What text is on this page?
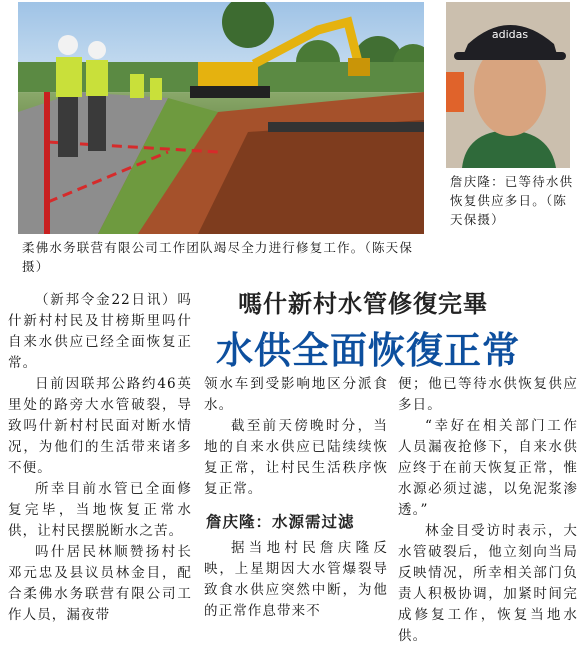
adidas
柔佛水务联营有限公司工作团队竭尽全力进行修复工作。（陈天保摄）
詹庆隆：已等待水供恢复供应多日。（陈天保摄）

（新邦令金22日讯）吗什新村村民及甘榜斯里吗什自来水供应已经全面恢复正常。

日前因联邦公路约46英里处的路旁大水管破裂，导致吗什新村村民面对断水情况，为他们的生活带来诸多不便。

所幸目前水管已全面修复完毕，当地恢复正常水供，让村民摆脱断水之苦。

吗什居民林顺赞扬村长邓元忠及县议员林金目，配合柔佛水务联营有限公司工作人员，漏夜带

嗎什新村水管修復完畢
水供全面恢復正常

领水车到受影响地区分派食水。

截至前天傍晚时分，当地的自来水供应已陆续续恢复正常，让村民生活秩序恢复正常。

詹庆隆：水源需过滤

据当地村民詹庆隆反映，上星期因大水管爆裂导致食水供应突然中断，为他的正常作息带来不

便；他已等待水供恢复供应多日。

“幸好在相关部门工作人员漏夜抢修下，自来水供应终于在前天恢复正常，惟水源必须过滤，以免泥浆渗透。”

林金目受访时表示，大水管破裂后，他立刻向当局反映情况，所幸相关部门负责人积极协调，加紧时间完成修复工作，恢复当地水供。
